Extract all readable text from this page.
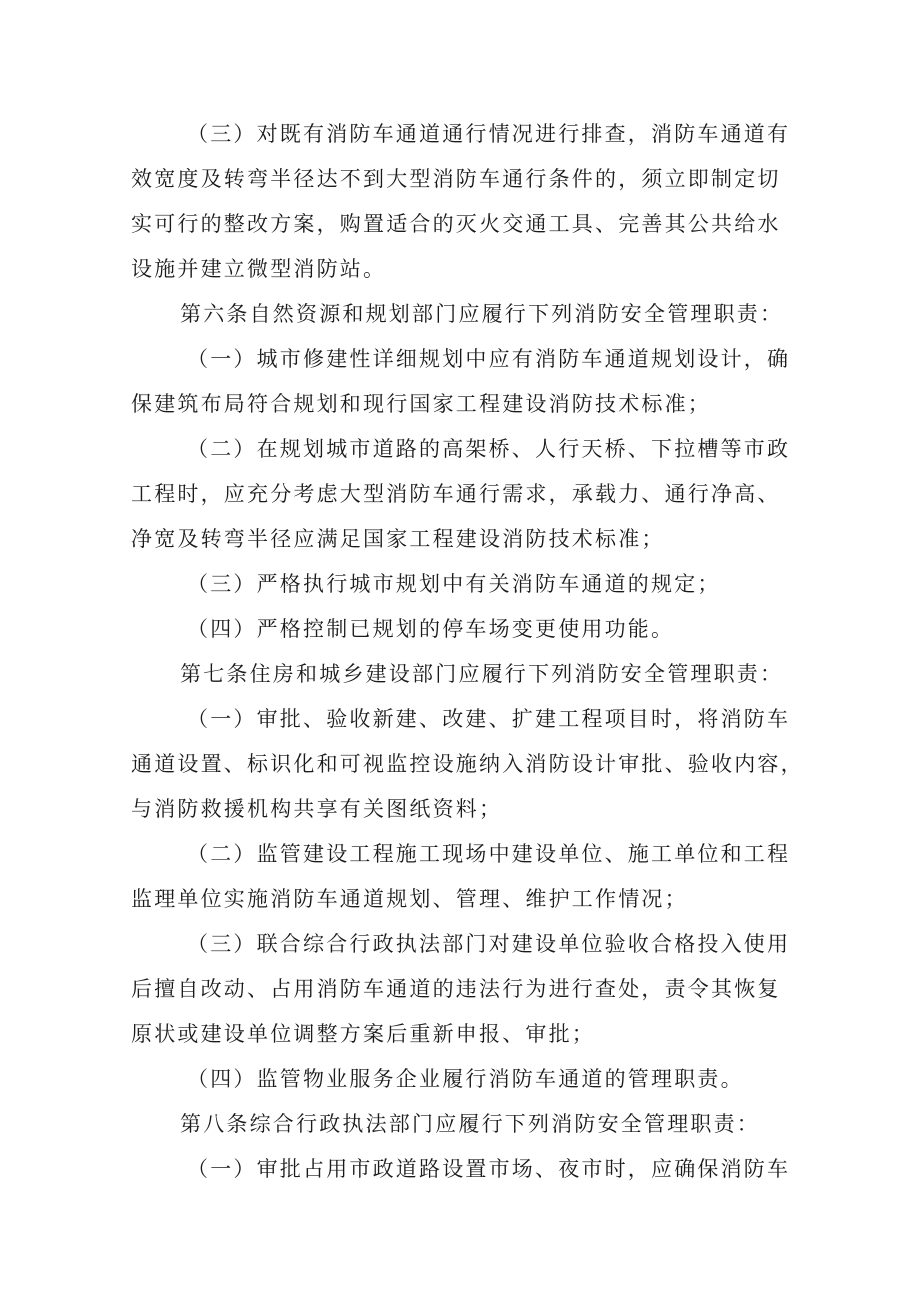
（三）对既有消防车通道通行情况进行排查，消防车通道有
效宽度及转弯半径达不到大型消防车通行条件的，须立即制定切
实可行的整改方案，购置适合的灭火交通工具、完善其公共给水
设施并建立微型消防站。
第六条自然资源和规划部门应履行下列消防安全管理职责：
（一）城市修建性详细规划中应有消防车通道规划设计，确
保建筑布局符合规划和现行国家工程建设消防技术标准；
（二）在规划城市道路的高架桥、人行天桥、下拉槽等市政
工程时，应充分考虑大型消防车通行需求，承载力、通行净高、
净宽及转弯半径应满足国家工程建设消防技术标准；
（三）严格执行城市规划中有关消防车通道的规定；
（四）严格控制已规划的停车场变更使用功能。
第七条住房和城乡建设部门应履行下列消防安全管理职责：
（一）审批、验收新建、改建、扩建工程项目时，将消防车
通道设置、标识化和可视监控设施纳入消防设计审批、验收内容，
与消防救援机构共享有关图纸资料；
（二）监管建设工程施工现场中建设单位、施工单位和工程
监理单位实施消防车通道规划、管理、维护工作情况；
（三）联合综合行政执法部门对建设单位验收合格投入使用
后擅自改动、占用消防车通道的违法行为进行查处，责令其恢复
原状或建设单位调整方案后重新申报、审批；
（四）监管物业服务企业履行消防车通道的管理职责。
第八条综合行政执法部门应履行下列消防安全管理职责：
（一）审批占用市政道路设置市场、夜市时，应确保消防车
